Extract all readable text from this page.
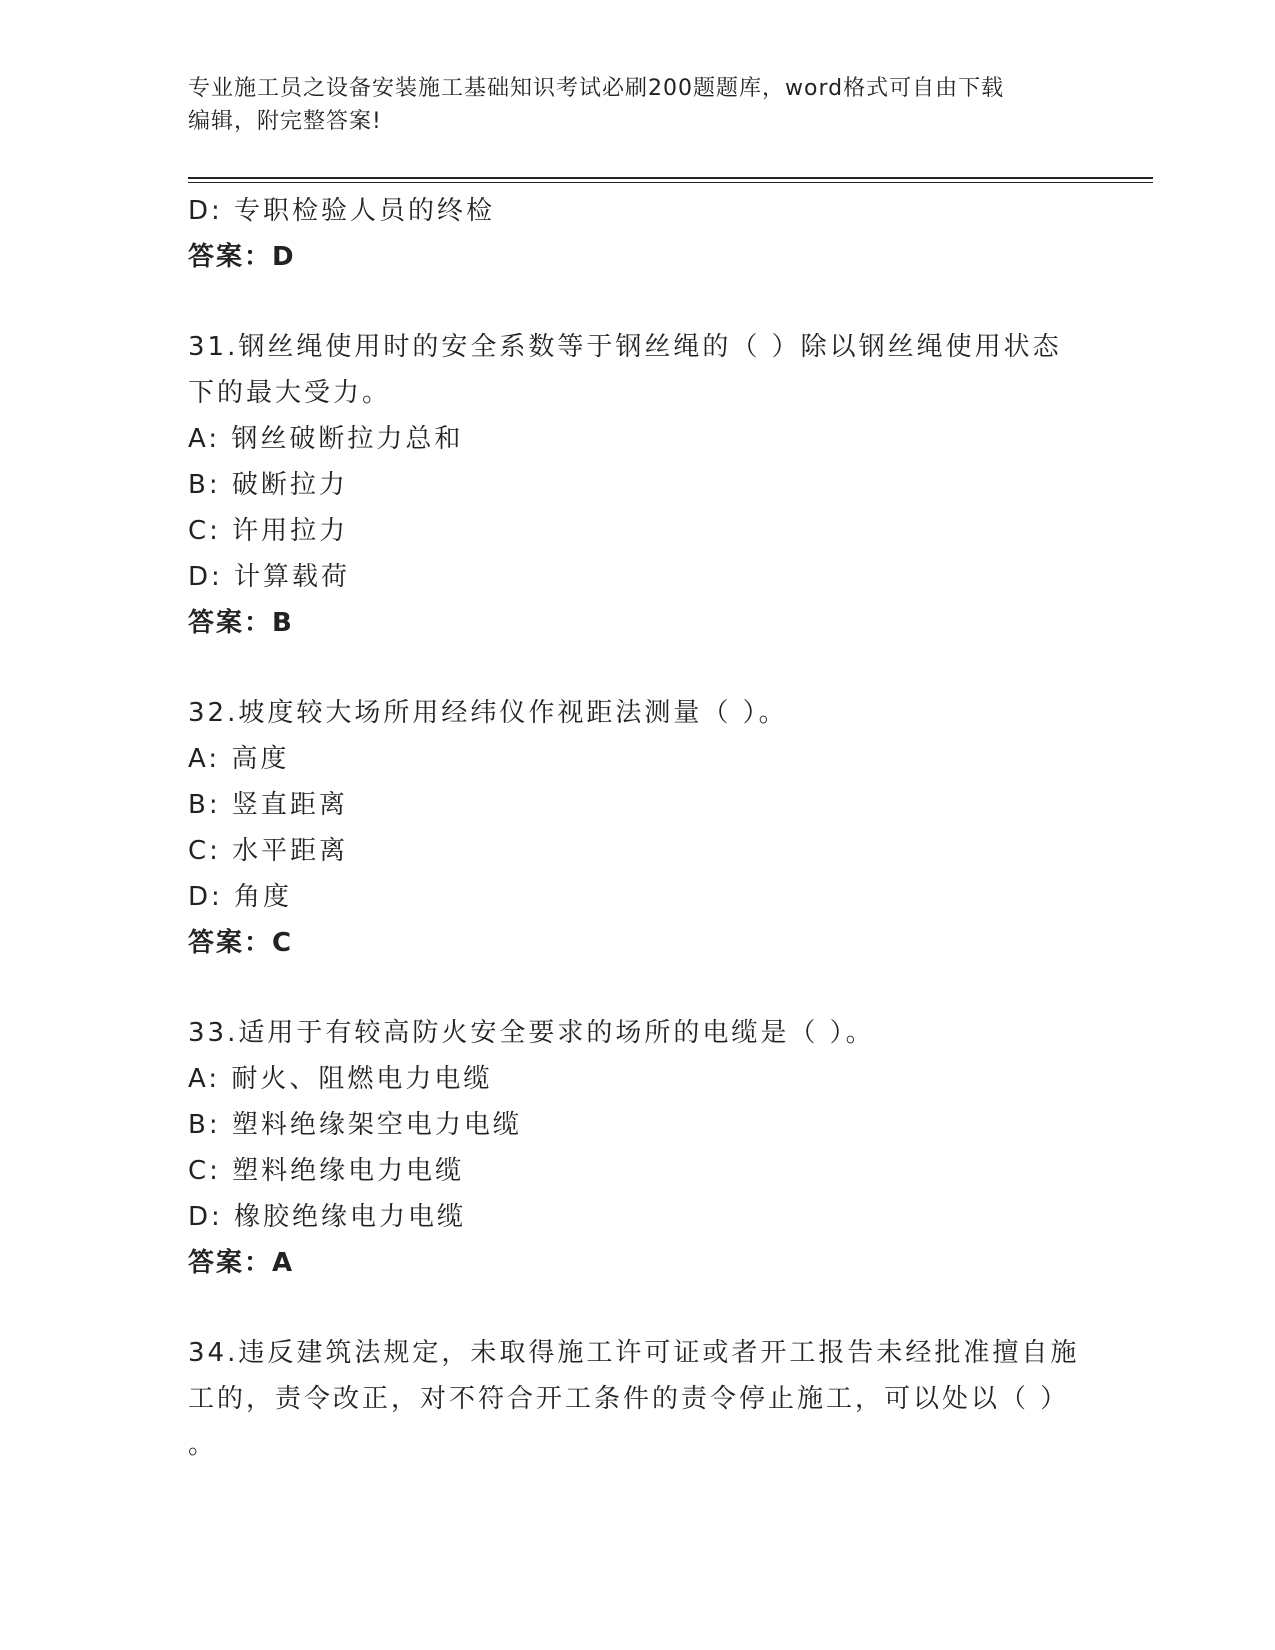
专业施工员之设备安装施工基础知识考试必刷200题题库，word格式可自由下载
编辑，附完整答案!
D: 专职检验人员的终检
答案：D
31.钢丝绳使用时的安全系数等于钢丝绳的（ ）除以钢丝绳使用状态
下的最大受力。
A: 钢丝破断拉力总和
B: 破断拉力
C: 许用拉力
D: 计算载荷
答案：B
32.坡度较大场所用经纬仪作视距法测量（ ）。
A: 高度
B: 竖直距离
C: 水平距离
D: 角度
答案：C
33.适用于有较高防火安全要求的场所的电缆是（ ）。
A: 耐火、阻燃电力电缆
B: 塑料绝缘架空电力电缆
C: 塑料绝缘电力电缆
D: 橡胶绝缘电力电缆
答案：A
34.违反建筑法规定，未取得施工许可证或者开工报告未经批准擅自施
工的，责令改正，对不符合开工条件的责令停止施工，可以处以（ ）
。
